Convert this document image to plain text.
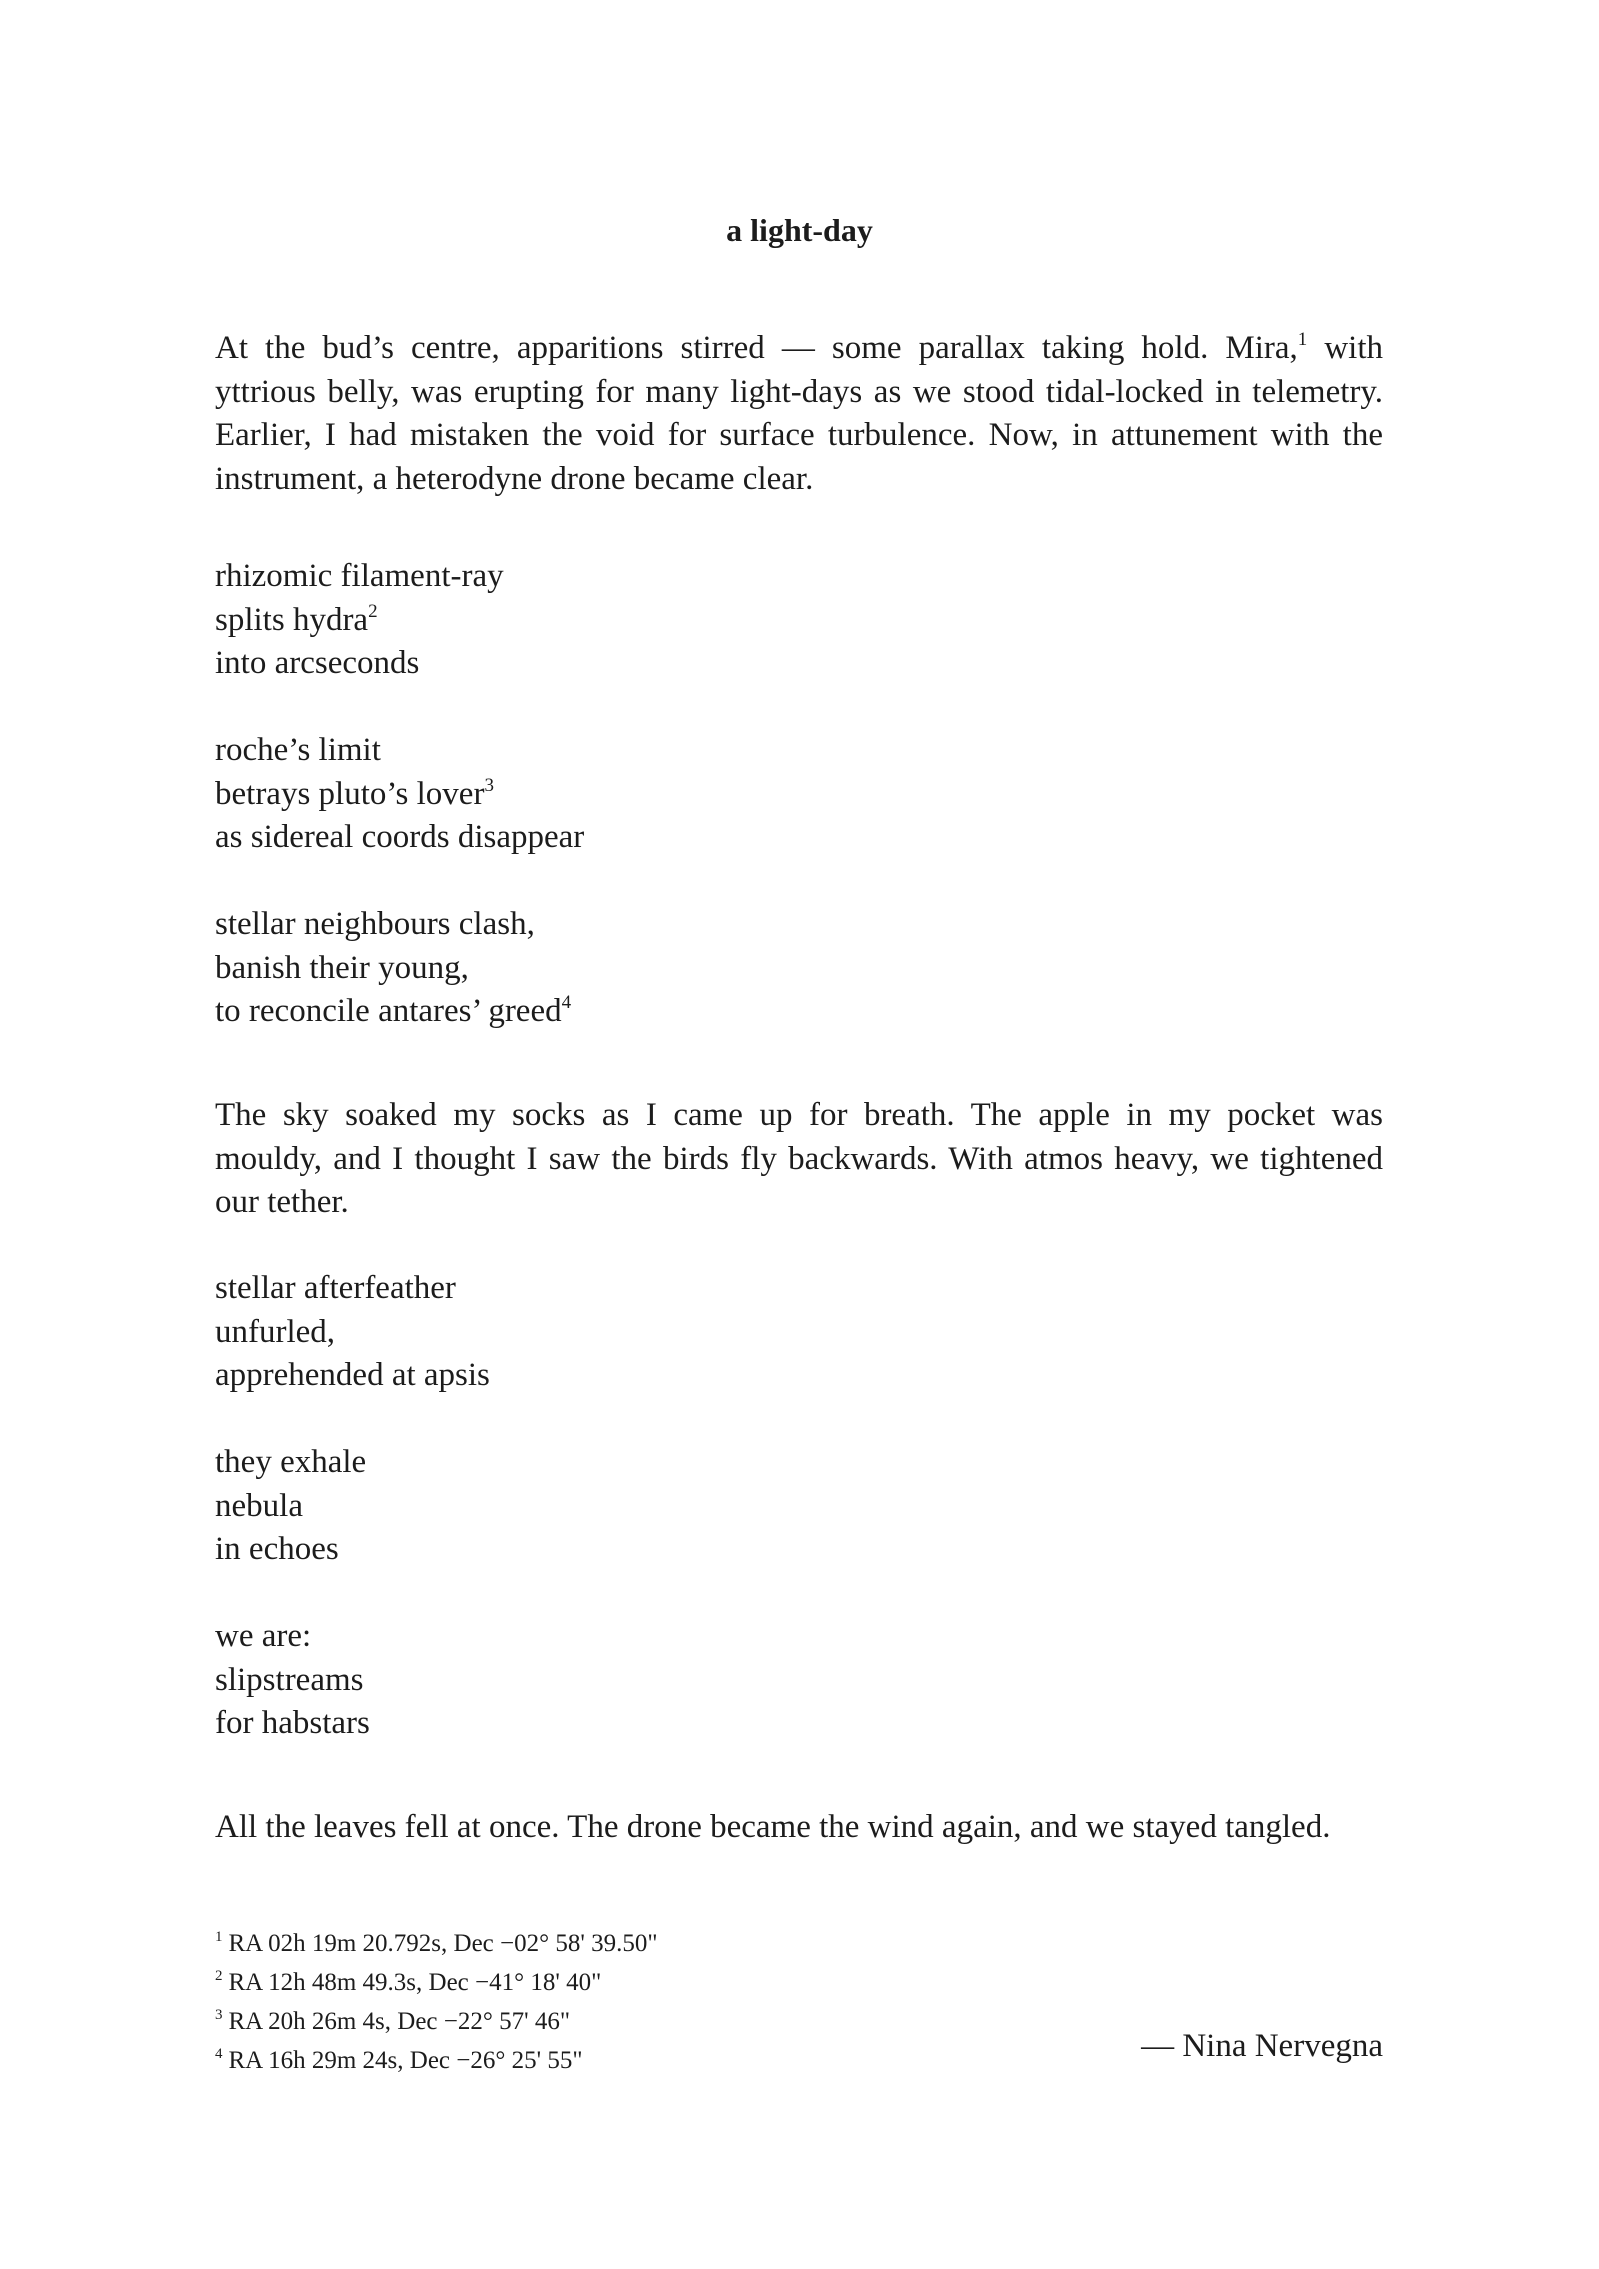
a light-day
At the bud’s centre, apparitions stirred — some parallax taking hold. Mira,$^1$ with
yttrious belly, was erupting for many light-days as we stood tidal-locked in telemetry.
Earlier, I had mistaken the void for surface turbulence. Now, in attunement with the
instrument, a heterodyne drone became clear.
rhizomic filament-ray
splits hydra$^2$
into arcseconds
roche’s limit
betrays pluto’s lover$^3$
as sidereal coords disappear
stellar neighbours clash,
banish their young,
to reconcile antares’ greed$^4$
The sky soaked my socks as I came up for breath. The apple in my pocket was
mouldy, and I thought I saw the birds fly backwards. With atmos heavy, we tightened
our tether.
stellar afterfeather
unfurled,
apprehended at apsis
they exhale
nebula
in echoes
we are:
slipstreams
for habstars
All the leaves fell at once. The drone became the wind again, and we stayed tangled.
$^1$ RA 02h 19m 20.792s, Dec −02° 58' 39.50"
$^2$ RA 12h 48m 49.3s, Dec −41° 18' 40"
$^3$ RA 20h 26m 4s, Dec −22° 57' 46"
$^4$ RA 16h 29m 24s, Dec −26° 25' 55"	— Nina Nervegna
